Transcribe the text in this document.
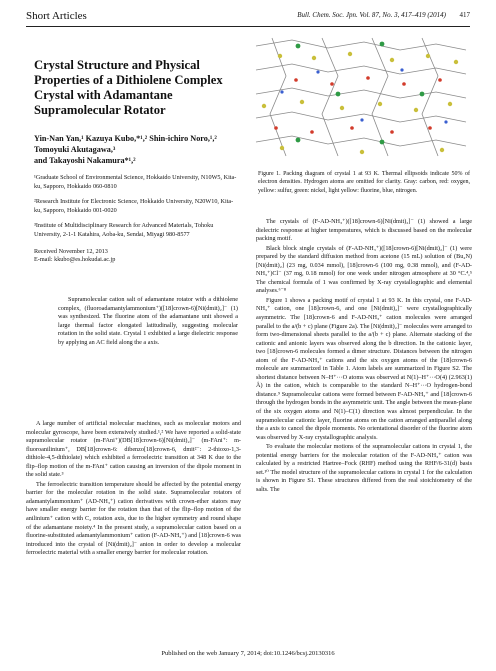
Short Articles	Bull. Chem. Soc. Jpn. Vol. 87, No. 3, 417–419 (2014) 417
Crystal Structure and Physical Properties of a Dithiolene Complex Crystal with Adamantane Supramolecular Rotator
Yin-Nan Yan,¹ Kazuya Kubo,*¹,² Shin-ichiro Noro,¹,² Tomoyuki Akutagawa,³
and Takayoshi Nakamura*¹,²

¹Graduate School of Environmental Science, Hokkaido University, N10W5, Kita-ku, Sapporo, Hokkaido 060-0810

²Research Institute for Electronic Science, Hokkaido University, N20W10, Kita-ku, Sapporo, Hokkaido 001-0020

³Institute of Multidisciplinary Research for Advanced Materials, Tohoku University, 2-1-1 Katahira, Aoba-ku, Sendai, Miyagi 980-8577

Received November 12, 2013
E-mail: kkubo@es.hokudai.ac.jp

Supramolecular cation salt of adamantane rotator with a dithiolene complex, (fluoroadamantylammonium⁺)([18]crown-6)[Ni(dmit)₂]⁻ (1) was synthesized. The fluorine atom of the adamantane unit showed a large thermal factor elongated latitudinally, suggesting molecular rotation in the solid state. Crystal 1 exhibited a large dielectric response by applying an AC field along the a axis.

A large number of artificial molecular machines, such as molecular motors and molecular gyroscope, have been extensively studied.¹,² We have reported a solid-state supramolecular rotator (m-FAni⁺)(DB[18]crown-6)[Ni(dmit)₂]⁻ (m-FAni⁺: m-fluoroanilinium⁺, DB[18]crown-6: dibenzo[18]crown-6, dmit²⁻: 2-thioxo-1,3-dithiole-4,5-dithiolate) which exhibited a ferroelectric transition at 348 K due to the flip–flop motion of the m-FAni⁺ cation causing an inversion of the dipole moment in the solid state.³

The ferroelectric transition temperature should be affected by the potential energy barrier for the molecular rotation in the solid state. Supramolecular rotators of adamantylammonium⁺ (AD-NH₃⁺) cation derivatives with crown-ether stators may have smaller energy barrier for the rotation than that of the flip–flop motion of the anilinium⁺ cation with C₂ rotation axis, due to the higher symmetry and round shape of the adamantane moiety.⁴ In the present study, a supramolecular cation based on a fluorine-substituted adamantylammonium⁺ cation (F-AD-NH₃⁺) and [18]crown-6 was introduced into the crystal of [Ni(dmit)₂]⁻ anion in order to develop a molecular ferroelectric material with a smaller energy barrier for molecular rotation.

Figure 1. Packing diagram of crystal 1 at 93 K. Thermal ellipsoids indicate 50% of electron densities. Hydrogen atoms are omitted for clarity. Gray: carbon, red: oxygen, yellow: sulfur, green: nickel, light yellow: fluorine, blue, nitrogen.

The crystals of (F-AD-NH₃⁺)([18]crown-6)[Ni(dmit)₂]⁻ (1) showed a large dielectric response at higher temperatures, which is discussed based on the molecular packing motif.

Black block single crystals of (F-AD-NH₃⁺)([18]crown-6)[Ni(dmit)₂]⁻ (1) were prepared by the standard diffusion method from acetone (15 mL) solution of (Bu₄N)[Ni(dmit)₂] (23 mg, 0.034 mmol), [18]crown-6 (100 mg, 0.38 mmol), and (F-AD-NH₃⁺)Cl⁻ (37 mg, 0.18 mmol) for one week under nitrogen atmosphere at 30 °C.⁴,⁵ The chemical formula of 1 was confirmed by X-ray crystallographic and elemental analyses.⁶⁻⁸

Figure 1 shows a packing motif of crystal 1 at 93 K. In this crystal, one F-AD-NH₃⁺ cation, one [18]crown-6, and one [Ni(dmit)₂]⁻ were crystallographically asymmetric. The [18]crown-6 and F-AD-NH₃⁺ cation molecules were arranged parallel to the a/(b + c) plane (Figure 2a). The [Ni(dmit)₂]⁻ molecules were arranged to form two-dimensional sheets parallel to the a/(b + c) plane. Alternate stacking of the cationic and anionic layers was observed along the b direction. In the cationic layer, two [18]crown-6 molecules formed a dimer structure. Distances between the nitrogen atom of the F-AD-NH₃⁺ cations and the six oxygen atoms of the [18]crown-6 molecule are summarized in Table 1. Atom labels are summarized in Figure S2. The shortest distance between N–H⁺···O atoms was observed at N(1)–H⁺···O(4) (2.963(1) Å) in the cation, which is comparable to the standard N–H⁺···O hydrogen-bond distance.⁹ Supramolecular cations were formed between F-AD-NH₃⁺ and [18]crown-6 through the hydrogen bonds in the asymmetric unit. The angle between the mean-plane of the six oxygen atoms and N(1)–C(1) direction was almost perpendicular. In the supramolecular cationic layer, fluorine atoms on the cation arranged antiparallel along the a axis to cancel the dipole moments. No orientational disorder of the fluorine atom was observed by X-ray crystallographic analysis.

To evaluate the molecular motions of the supramolecular cations in crystal 1, the potential energy barriers for the molecular rotation of the F-AD-NH₃⁺ cation was calculated by a restricted Hartree–Fock (RHF) method using the RHF/6-31(d) basis set.¹⁰ The model structure of the supramolecular cations in crystal 1 for the calculation is shown in Figure S1. These structures differed from the real stoichiometry of the salts. The

Published on the web January 7, 2014; doi:10.1246/bcsj.20130316
